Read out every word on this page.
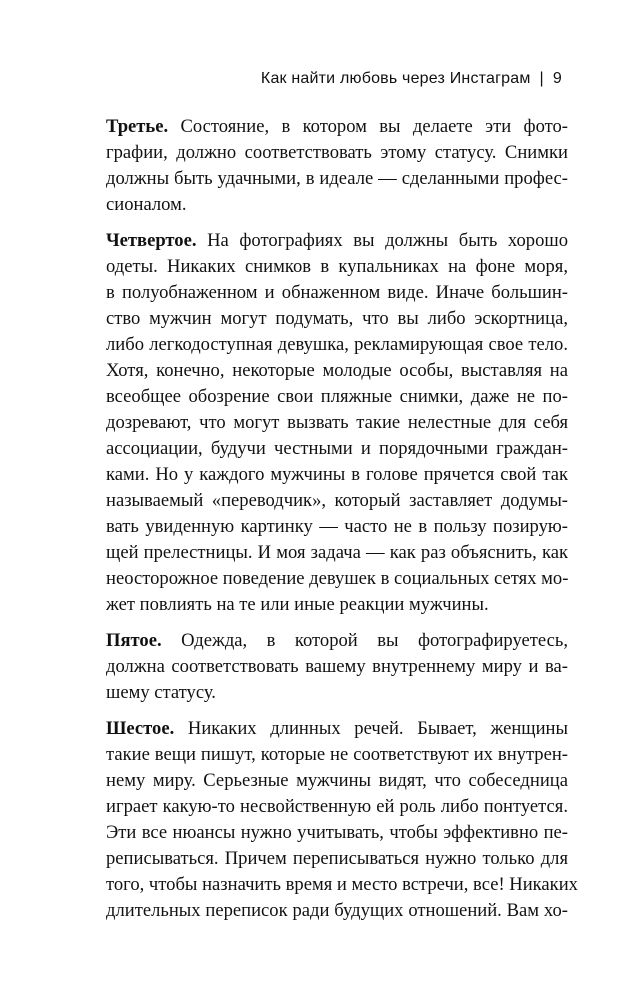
Как найти любовь через Инстаграм | 9
Третье. Состояние, в котором вы делаете эти фото-
графии, должно соответствовать этому статусу. Снимки
должны быть удачными, в идеале — сделанными профес-
сионалом.
Четвертое. На фотографиях вы должны быть хорошо
одеты. Никаких снимков в купальниках на фоне моря,
в полуобнаженном и обнаженном виде. Иначе большин-
ство мужчин могут подумать, что вы либо эскортница,
либо легкодоступная девушка, рекламирующая свое тело.
Хотя, конечно, некоторые молодые особы, выставляя на
всеобщее обозрение свои пляжные снимки, даже не по-
дозревают, что могут вызвать такие нелестные для себя
ассоциации, будучи честными и порядочными граждан-
ками. Но у каждого мужчины в голове прячется свой так
называемый «переводчик», который заставляет додумы-
вать увиденную картинку — часто не в пользу позирую-
щей прелестницы. И моя задача — как раз объяснить, как
неосторожное поведение девушек в социальных сетях мо-
жет повлиять на те или иные реакции мужчины.
Пятое. Одежда, в которой вы фотографируетесь,
должна соответствовать вашему внутреннему миру и ва-
шему статусу.
Шестое. Никаких длинных речей. Бывает, женщины
такие вещи пишут, которые не соответствуют их внутрен-
нему миру. Серьезные мужчины видят, что собеседница
играет какую-то несвойственную ей роль либо понтуется.
Эти все нюансы нужно учитывать, чтобы эффективно пе-
реписываться. Причем переписываться нужно только для
того, чтобы назначить время и место встречи, все! Никаких
длительных переписок ради будущих отношений. Вам хо-
